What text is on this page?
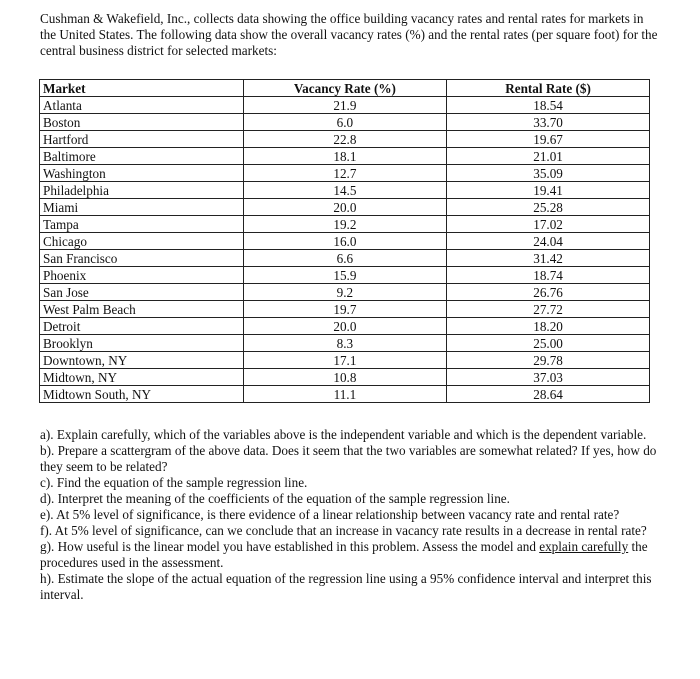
Cushman & Wakefield, Inc., collects data showing the office building vacancy rates and rental rates for markets in the United States. The following data show the overall vacancy rates (%) and the rental rates (per square foot) for the central business district for selected markets:

Market	Vacancy Rate (%)	Rental Rate ($)
Atlanta	21.9	18.54
Boston	6.0	33.70
Hartford	22.8	19.67
Baltimore	18.1	21.01
Washington	12.7	35.09
Philadelphia	14.5	19.41
Miami	20.0	25.28
Tampa	19.2	17.02
Chicago	16.0	24.04
San Francisco	6.6	31.42
Phoenix	15.9	18.74
San Jose	9.2	26.76
West Palm Beach	19.7	27.72
Detroit	20.0	18.20
Brooklyn	8.3	25.00
Downtown, NY	17.1	29.78
Midtown, NY	10.8	37.03
Midtown South, NY	11.1	28.64

a). Explain carefully, which of the variables above is the independent variable and which is the dependent variable.

b). Prepare a scattergram of the above data. Does it seem that the two variables are somewhat related? If yes, how do they seem to be related?

c). Find the equation of the sample regression line.

d). Interpret the meaning of the coefficients of the equation of the sample regression line.

e). At 5% level of significance, is there evidence of a linear relationship between vacancy rate and rental rate?

f). At 5% level of significance, can we conclude that an increase in vacancy rate results in a decrease in rental rate?

g). How useful is the linear model you have established in this problem. Assess the model and explain carefully the procedures used in the assessment.

h). Estimate the slope of the actual equation of the regression line using a 95% confidence interval and interpret this interval.
